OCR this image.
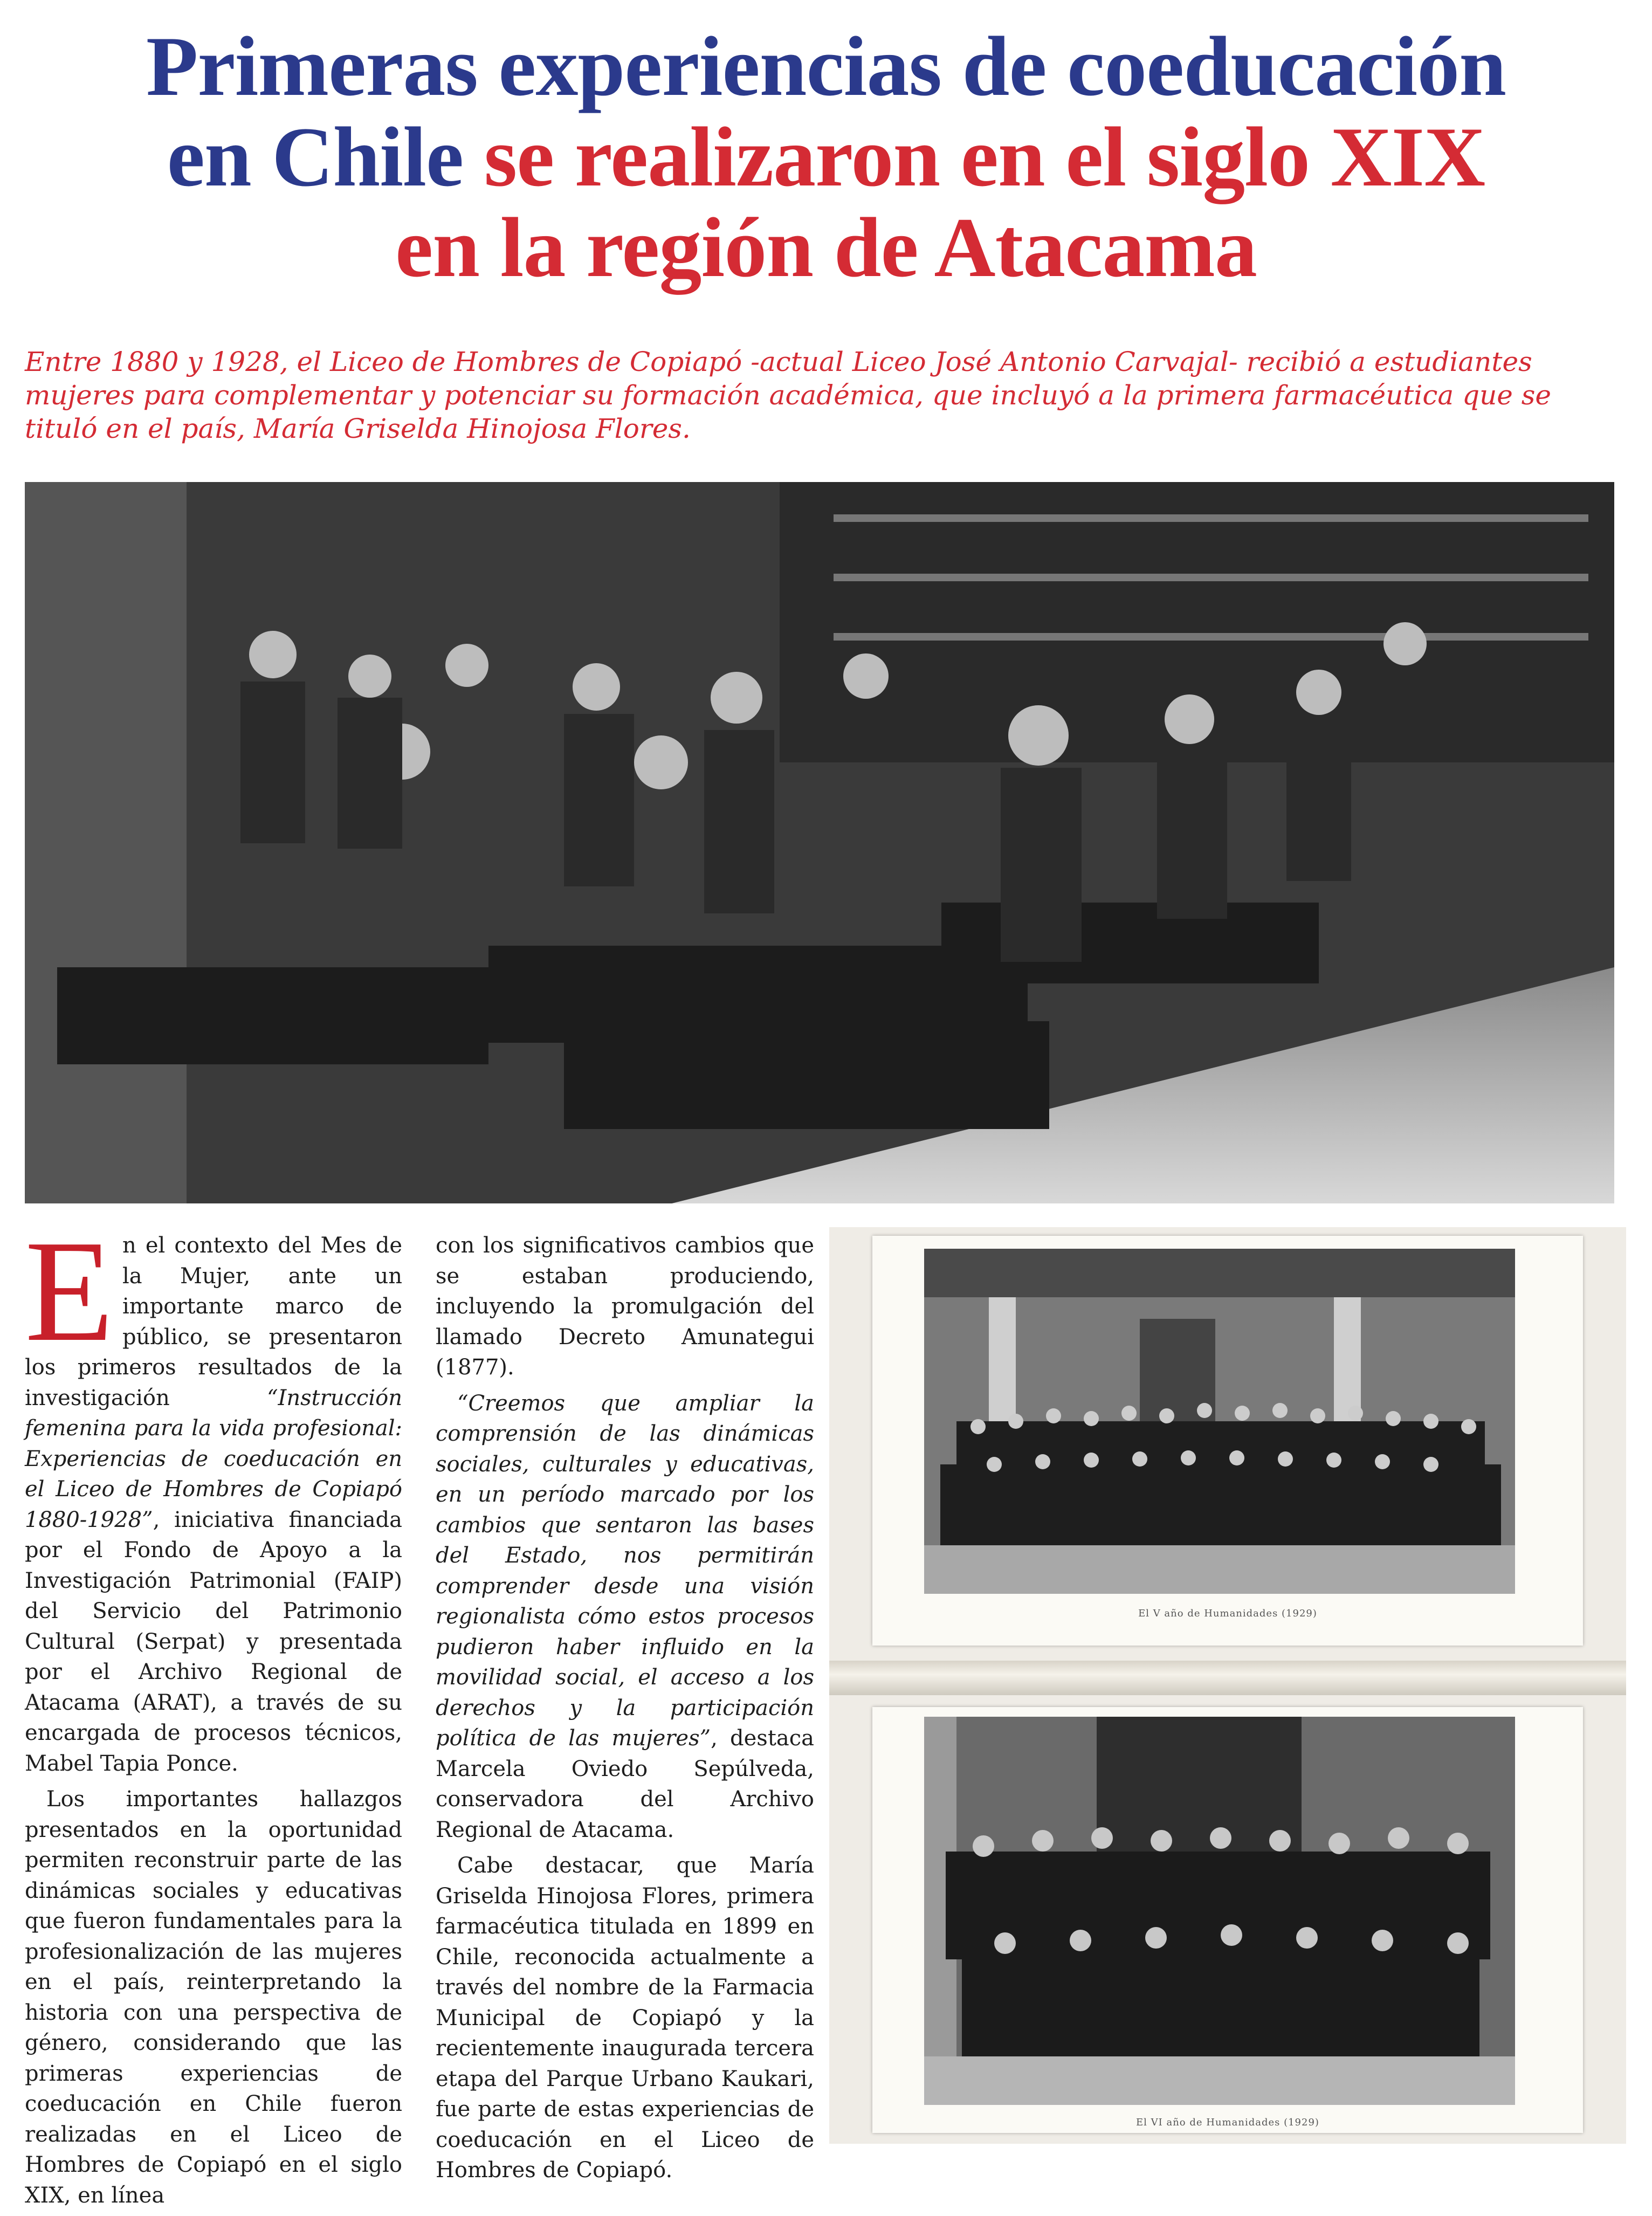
Primeras experiencias de coeducación
en Chile se realizaron en el siglo XIX
en la región de Atacama
Entre 1880 y 1928, el Liceo de Hombres de Copiapó -actual Liceo José Antonio Carvajal- recibió a estudiantes mujeres para complementar y potenciar su formación académica, que incluyó a la primera farmacéutica que se tituló en el país, María Griselda Hinojosa Flores.

En el contexto del Mes de la Mujer, ante un importante marco de público, se presentaron los primeros resultados de la investigación “Instrucción femenina para la vida profesional: Experiencias de coeducación en el Liceo de Hombres de Copiapó 1880-1928”, iniciativa financiada por el Fondo de Apoyo a la Investigación Patrimonial (FAIP) del Servicio del Patrimonio Cultural (Serpat) y presentada por el Archivo Regional de Atacama (ARAT), a través de su encargada de procesos técnicos, Mabel Tapia Ponce.

Los importantes hallazgos presentados en la oportunidad permiten reconstruir parte de las dinámicas sociales y educativas que fueron fundamentales para la profesionalización de las mujeres en el país, reinterpretando la historia con una perspectiva de género, considerando que las primeras experiencias de coeducación en Chile fueron realizadas en el Liceo de Hombres de Copiapó en el siglo XIX, en línea

con los significativos cambios que se estaban produciendo, incluyendo la promulgación del llamado Decreto Amunategui (1877).

“Creemos que ampliar la comprensión de las dinámicas sociales, culturales y educativas, en un período marcado por los cambios que sentaron las bases del Estado, nos permitirán comprender desde una visión regionalista cómo estos procesos pudieron haber influido en la movilidad social, el acceso a los derechos y la participación política de las mujeres”, destaca Marcela Oviedo Sepúlveda, conservadora del Archivo Regional de Atacama.

Cabe destacar, que María Griselda Hinojosa Flores, primera farmacéutica titulada en 1899 en Chile, reconocida actualmente a través del nombre de la Farmacia Municipal de Copiapó y la recientemente inaugurada tercera etapa del Parque Urbano Kaukari, fue parte de estas experiencias de coeducación en el Liceo de Hombres de Copiapó.

El V año de Humanidades (1929)
El VI año de Humanidades (1929)
